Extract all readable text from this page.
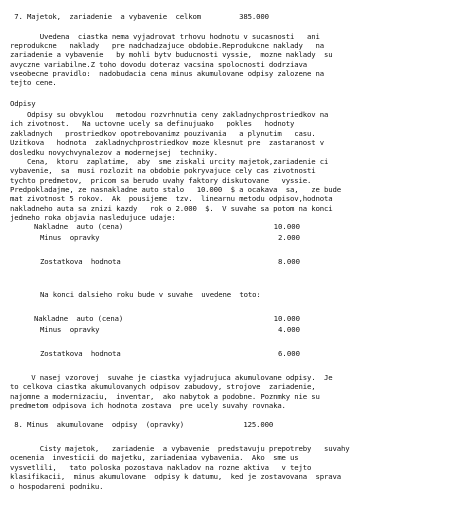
7. Majetok,  zariadenie  a vybavenie  celkom         385.000
Uvedena  ciastka nema vyjadrovat trhovu hodnotu v sucasnosti   ani
reprodukcne   naklady   pre nadchadzajuce obdobie.Reprodukcne naklady   na
zariadenie a vybavenie   by mohli bytv buducnosti vyssie,  mozne naklady  su
avyczne variabilne.Z toho dovodu doteraz vacsina spolocnosti dodrziava
vseobecne pravidlo:  nadobudacia cena minus akumulovane odpisy zalozene na
tejto cene.
Odpisy
Odpisy su obvyklou   metodou rozvrhnutia ceny zakladnychprostriedkov na
ich zivotnost.   Na uctovne ucely sa definujuako   pokles   hodnoty
zakladnych   prostriedkov opotrebovanimz pouzivania   a plynutim   casu.
Uzitkova   hodnota  zakladnychprostriedkov moze klesnut pre  zastaranost v
dosledku novychvynalezov a modernejsej  techniky.
Cena,  ktoru  zaplatime,  aby  sme ziskali urcity majetok,zariadenie ci
vybavenie,  sa  musi rozlozit na obdobie pokryvajuce cely cas zivotnosti
tychto predmetov,  pricom sa berudo uvahy faktory diskutovane   vyssie.
Predpokladajme, ze nasnakladne auto stalo   10.000  $ a ocakava  sa,   ze bude
mat zivotnost 5 rokov.  Ak  pousijeme  tzv.  linearnu metodu odpisov,hodnota
nakladneho auta sa znizi kazdy   rok o 2.000  $.  V suvahe sa potom na konci
jedneho roka objavia nasledujuce udaje:
Nakladne  auto (cena)	10.000
Minus  opravky	2.000
Zostatkova  hodnota	8.000
Na konci dalsieho roku bude v suvahe  uvedene  toto:
Nakladne  auto (cena)	10.000
Minus  opravky	4.000
Zostatkova  hodnota	6.000
V nasej vzorovej  suvahe je ciastka vyjadrujuca akumulovane odpisy.  Je
to celkova ciastka akumulovanych odpisov zabudovy, strojove  zariadenie,
najomne a modernizaciu,  inventar,  ako nabytok a podobne. Poznmky nie su
predmetom odpisova ich hodnota zostava  pre ucely suvahy rovnaka.
8. Minus  akumulovane  odpisy  (opravky)              125.000
Cisty majetok,   zariadenie  a vybavenie  predstavuju prepotreby   suvahy
ocenenia  investicii do majetku, zariadeniaa vybavenia.  Ako  sme us
vysvetlili,   tato poloska pozostava nakladov na rozne aktiva   v tejto
klasifikacii,  minus akumulovane  odpisy k datumu,  ked je zostavovana  sprava
o hospodareni podniku.
